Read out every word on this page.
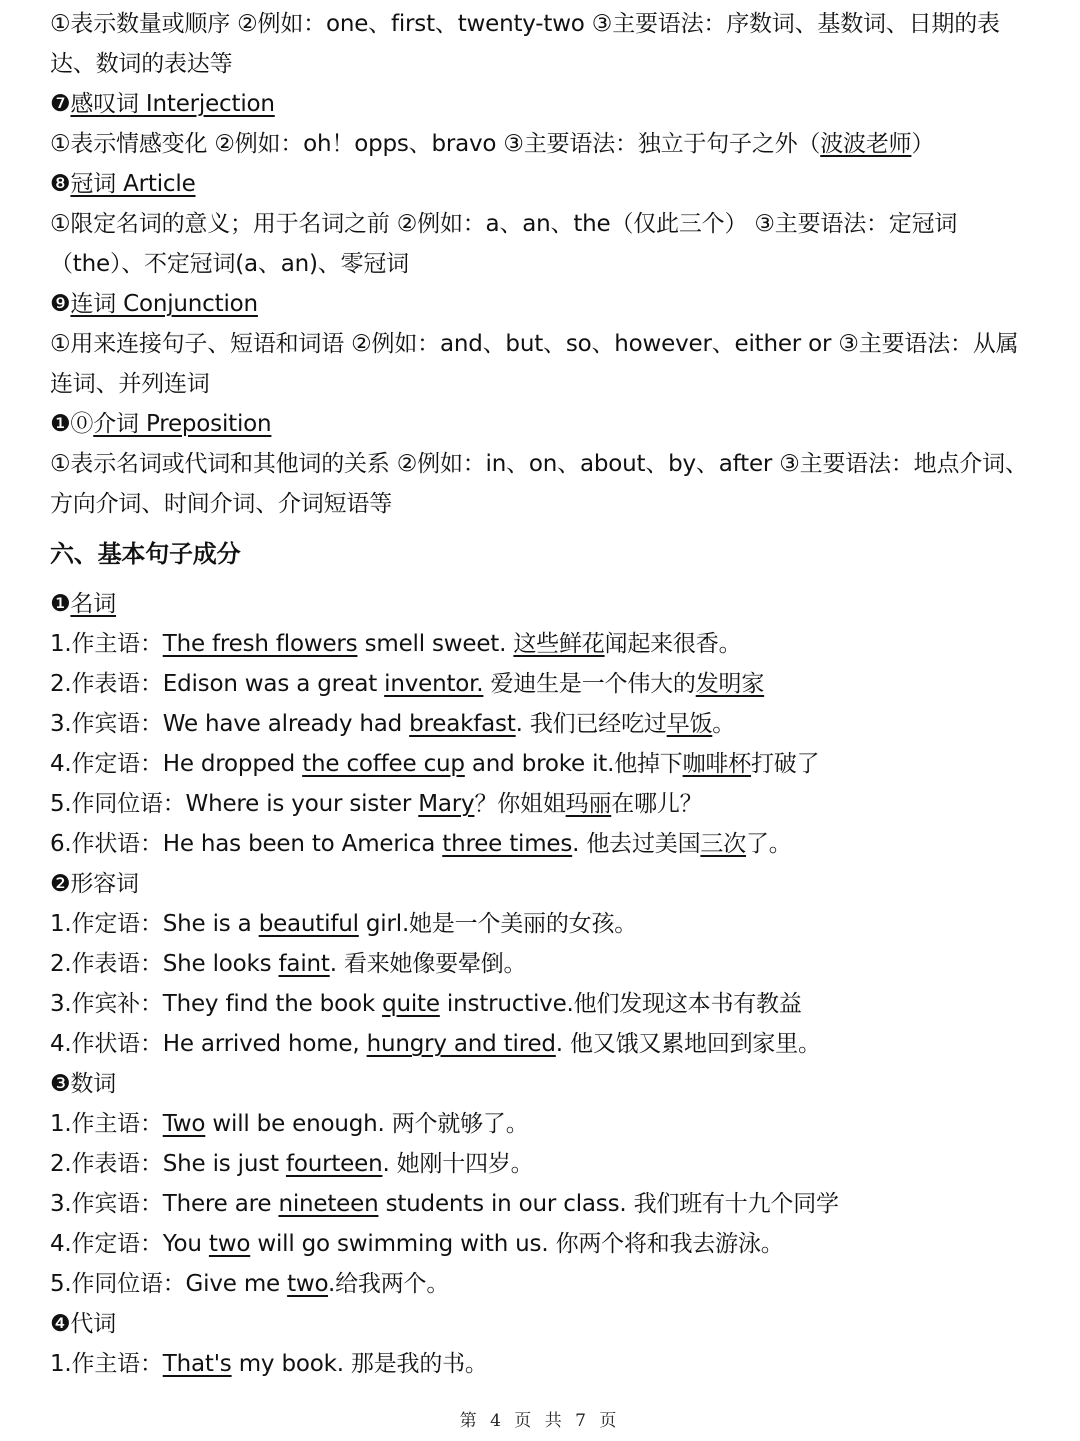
①表示数量或顺序 ②例如：one、first、twenty-two ③主要语法：序数词、基数词、日期的表达、数词的表达等
❼感叹词 Interjection
①表示情感变化 ②例如：oh！opps、bravo ③主要语法：独立于句子之外（波波老师）
❽冠词 Article
①限定名词的意义；用于名词之前 ②例如：a、an、the（仅此三个） ③主要语法：定冠词（the）、不定冠词(a、an)、零冠词
❾连词 Conjunction
①用来连接句子、短语和词语 ②例如：and、but、so、however、either or ③主要语法：从属连词、并列连词
❶⓪介词 Preposition
①表示名词或代词和其他词的关系 ②例如：in、on、about、by、after ③主要语法：地点介词、方向介词、时间介词、介词短语等
六、基本句子成分
❶名词
1.作主语：The fresh flowers smell sweet. 这些鲜花闻起来很香。
2.作表语：Edison was a great inventor. 爱迪生是一个伟大的发明家
3.作宾语：We have already had breakfast. 我们已经吃过早饭。
4.作定语：He dropped the coffee cup and broke it.他掉下咖啡杯打破了
5.作同位语：Where is your sister Mary？你姐姐玛丽在哪儿？
6.作状语：He has been to America three times. 他去过美国三次了。
❷形容词
1.作定语：She is a beautiful girl.她是一个美丽的女孩。
2.作表语：She looks faint. 看来她像要晕倒。
3.作宾补：They find the book quite instructive.他们发现这本书有教益
4.作状语：He arrived home, hungry and tired. 他又饿又累地回到家里。
❸数词
1.作主语：Two will be enough. 两个就够了。
2.作表语：She is just fourteen. 她刚十四岁。
3.作宾语：There are nineteen students in our class. 我们班有十九个同学
4.作定语：You two will go swimming with us. 你两个将和我去游泳。
5.作同位语：Give me two.给我两个。
❹代词
1.作主语：That's my book. 那是我的书。
第 4 页 共 7 页
